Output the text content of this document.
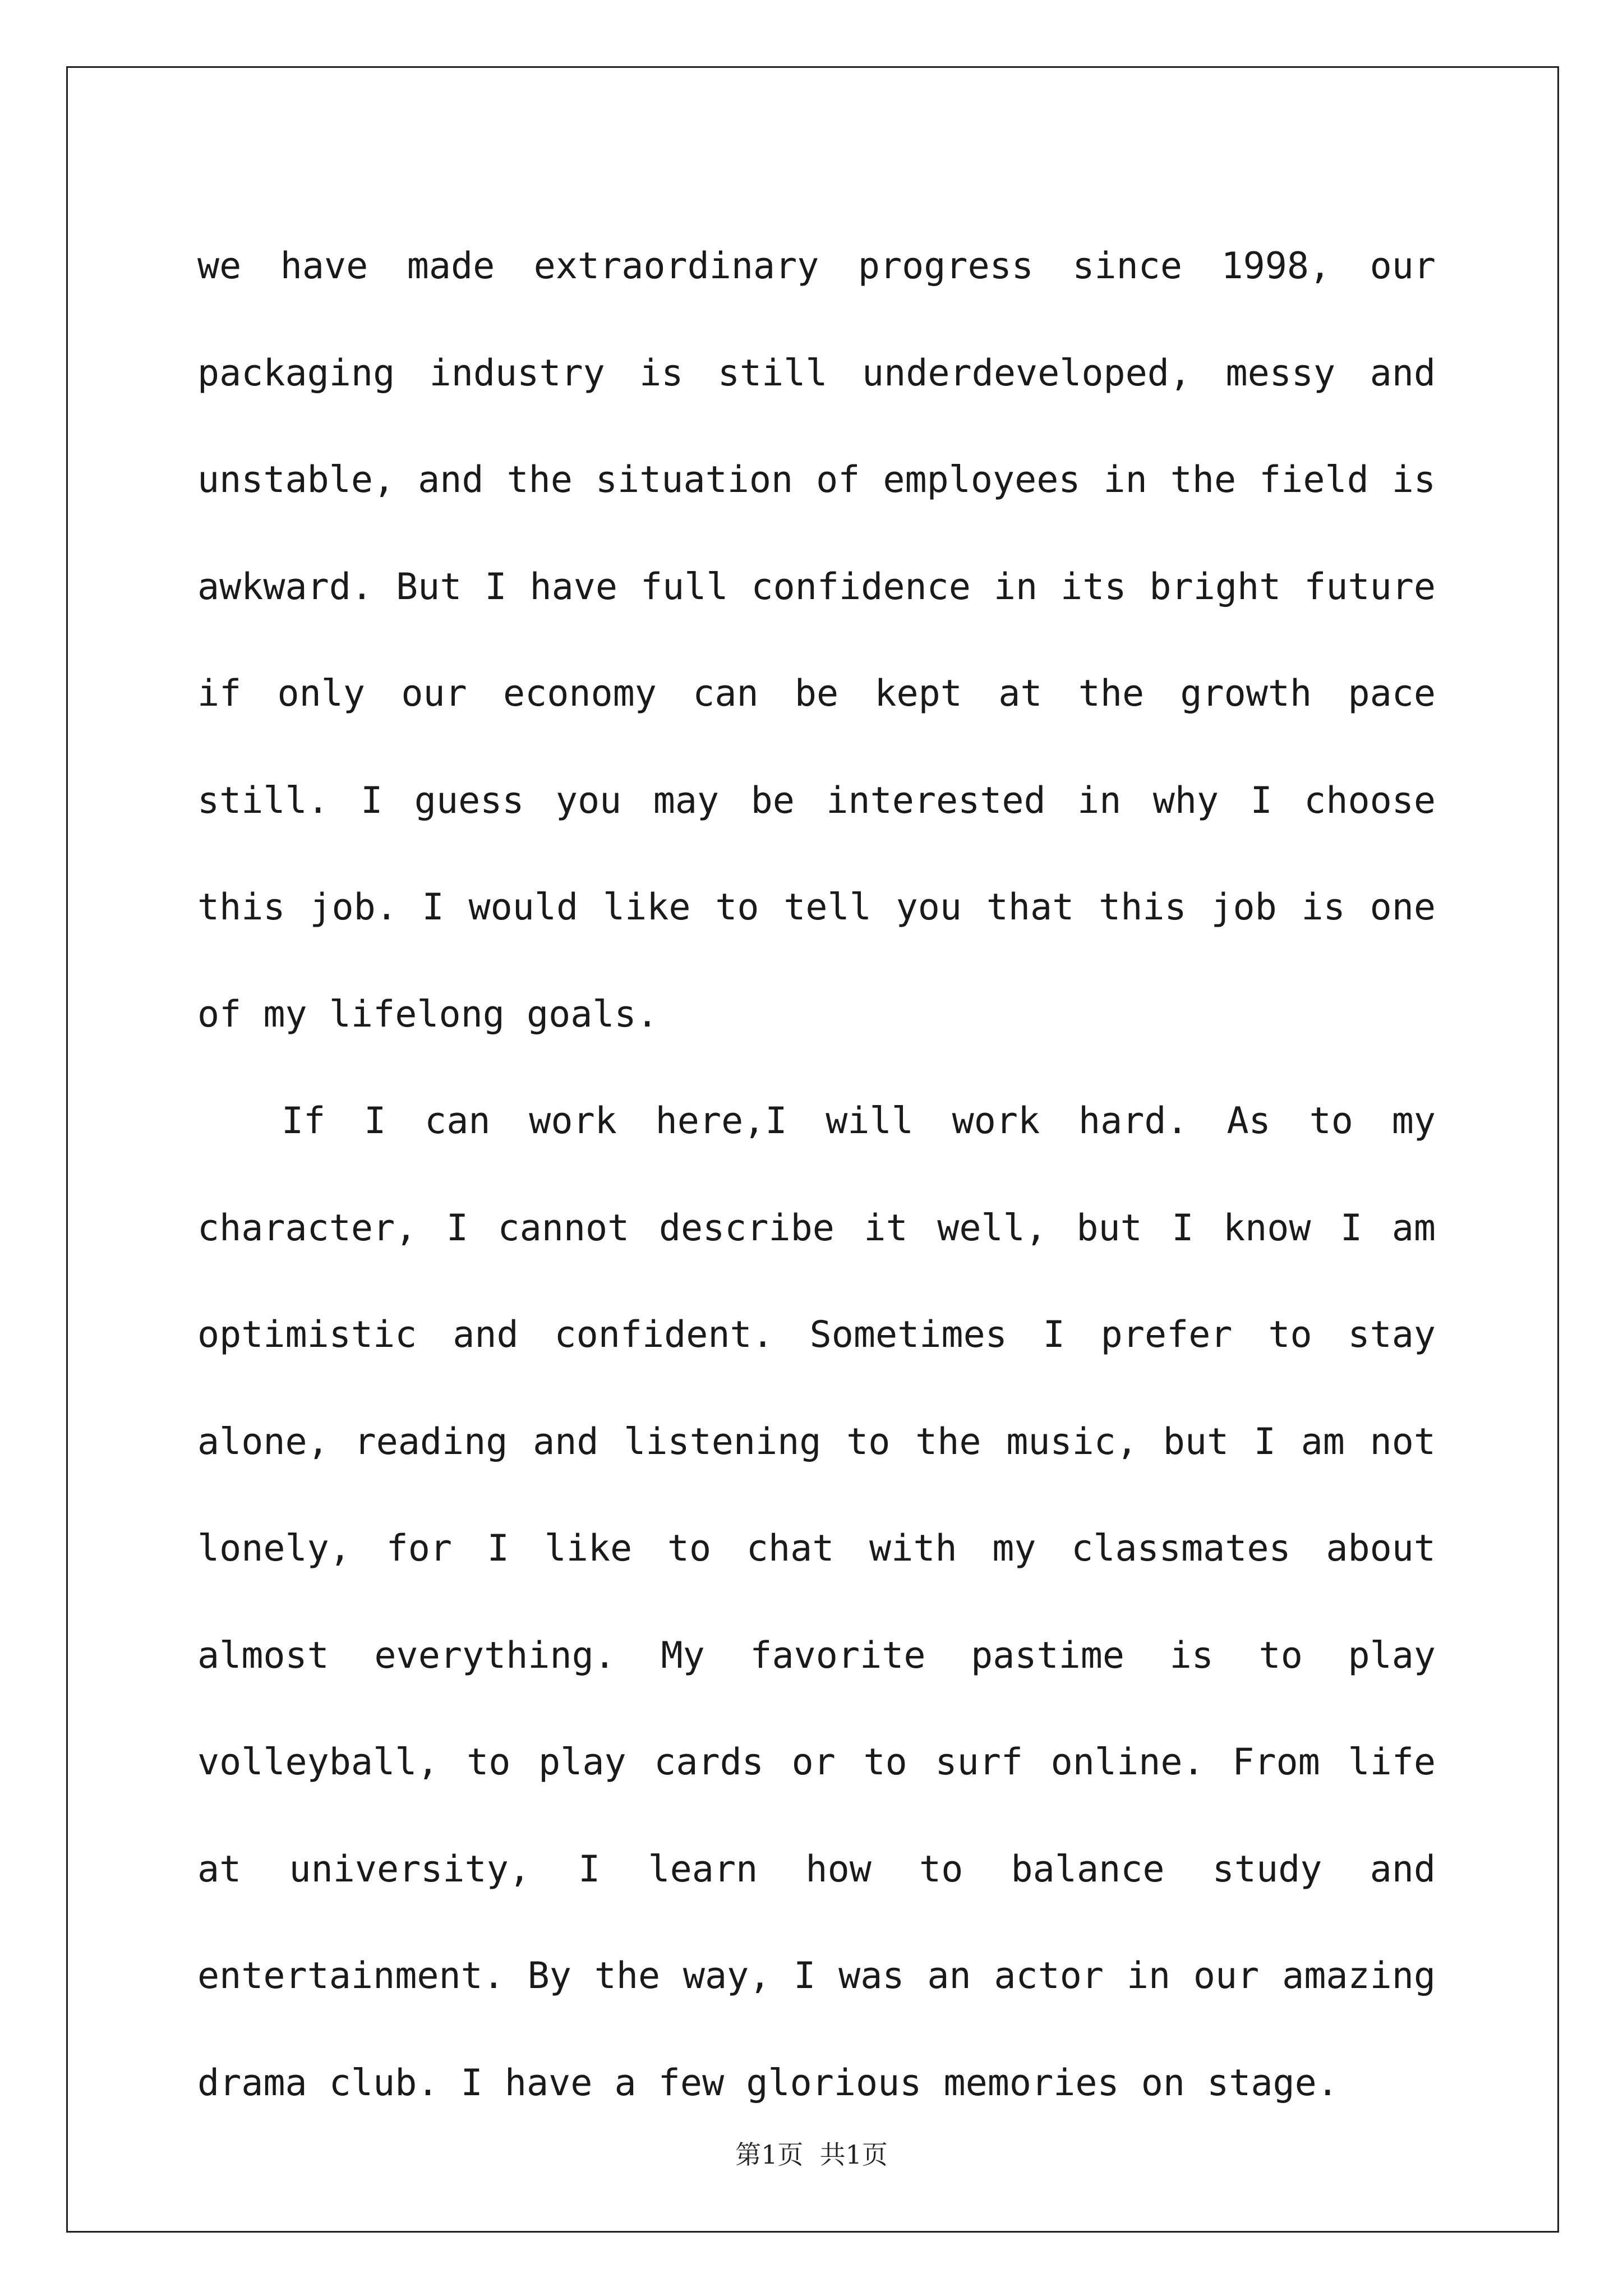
we have made extraordinary progress since 1998, our packaging industry is still underdeveloped, messy and unstable, and the situation of employees in the field is awkward. But I have full confidence in its bright future if only our economy can be kept at the growth pace still. I guess you may be interested in why I choose this job. I would like to tell you that this job is one of my lifelong goals.

If I can work here,I will work hard. As to my character, I cannot describe it well, but I know I am optimistic and confident. Sometimes I prefer to stay alone, reading and listening to the music, but I am not lonely, for I like to chat with my classmates about almost everything. My favorite pastime is to play volleyball, to play cards or to surf online. From life at university, I learn how to balance study and entertainment. By the way, I was an actor in our amazing drama club. I have a few glorious memories on stage.

第1页  共1页
